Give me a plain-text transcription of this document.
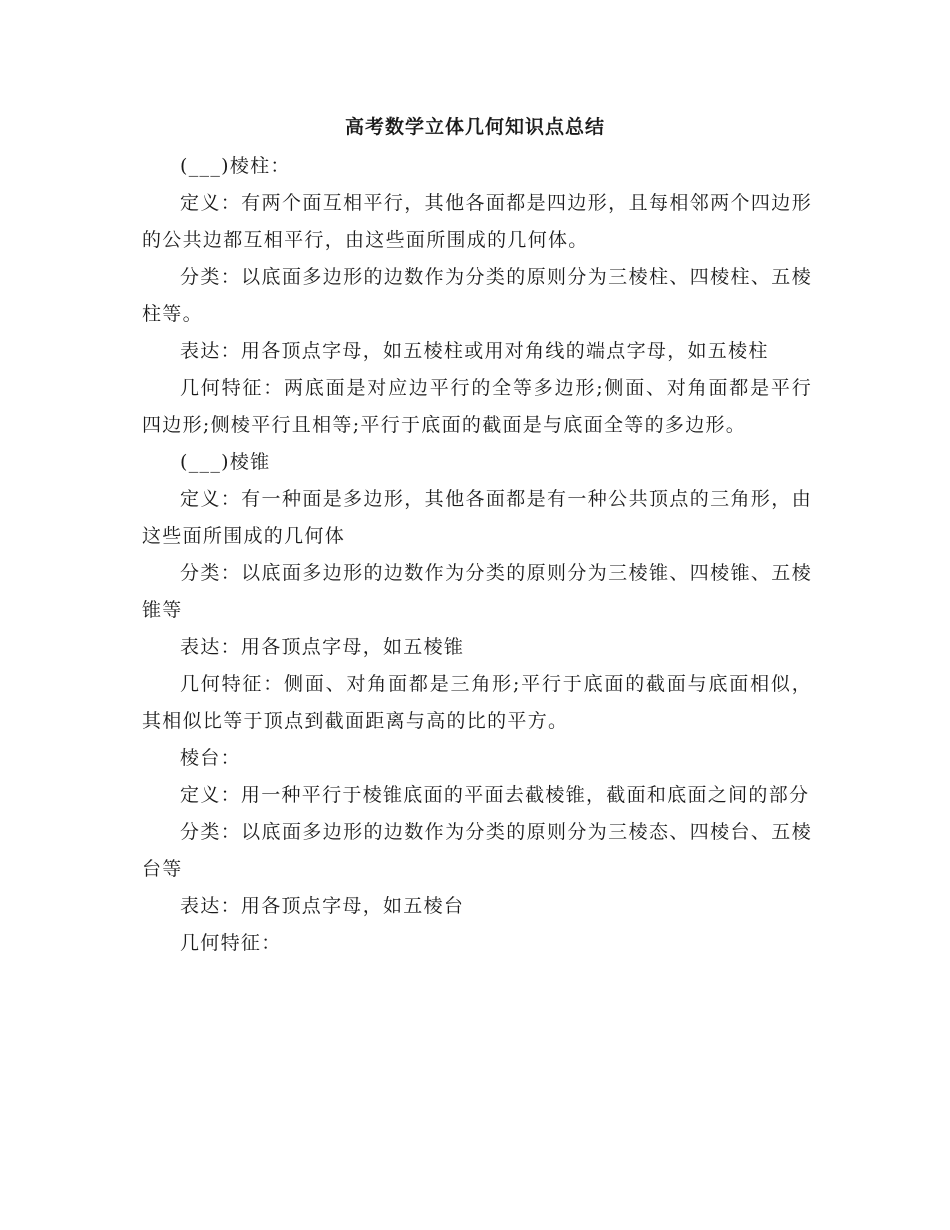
高考数学立体几何知识点总结

(___)棱柱：

定义：有两个面互相平行，其他各面都是四边形，且每相邻两个四边形的公共边都互相平行，由这些面所围成的几何体。

分类：以底面多边形的边数作为分类的原则分为三棱柱、四棱柱、五棱柱等。

表达：用各顶点字母，如五棱柱或用对角线的端点字母，如五棱柱

几何特征：两底面是对应边平行的全等多边形;侧面、对角面都是平行四边形;侧棱平行且相等;平行于底面的截面是与底面全等的多边形。

(___)棱锥

定义：有一种面是多边形，其他各面都是有一种公共顶点的三角形，由这些面所围成的几何体

分类：以底面多边形的边数作为分类的原则分为三棱锥、四棱锥、五棱锥等

表达：用各顶点字母，如五棱锥

几何特征：侧面、对角面都是三角形;平行于底面的截面与底面相似，其相似比等于顶点到截面距离与高的比的平方。

棱台：

定义：用一种平行于棱锥底面的平面去截棱锥，截面和底面之间的部分

分类：以底面多边形的边数作为分类的原则分为三棱态、四棱台、五棱台等

表达：用各顶点字母，如五棱台

几何特征：
